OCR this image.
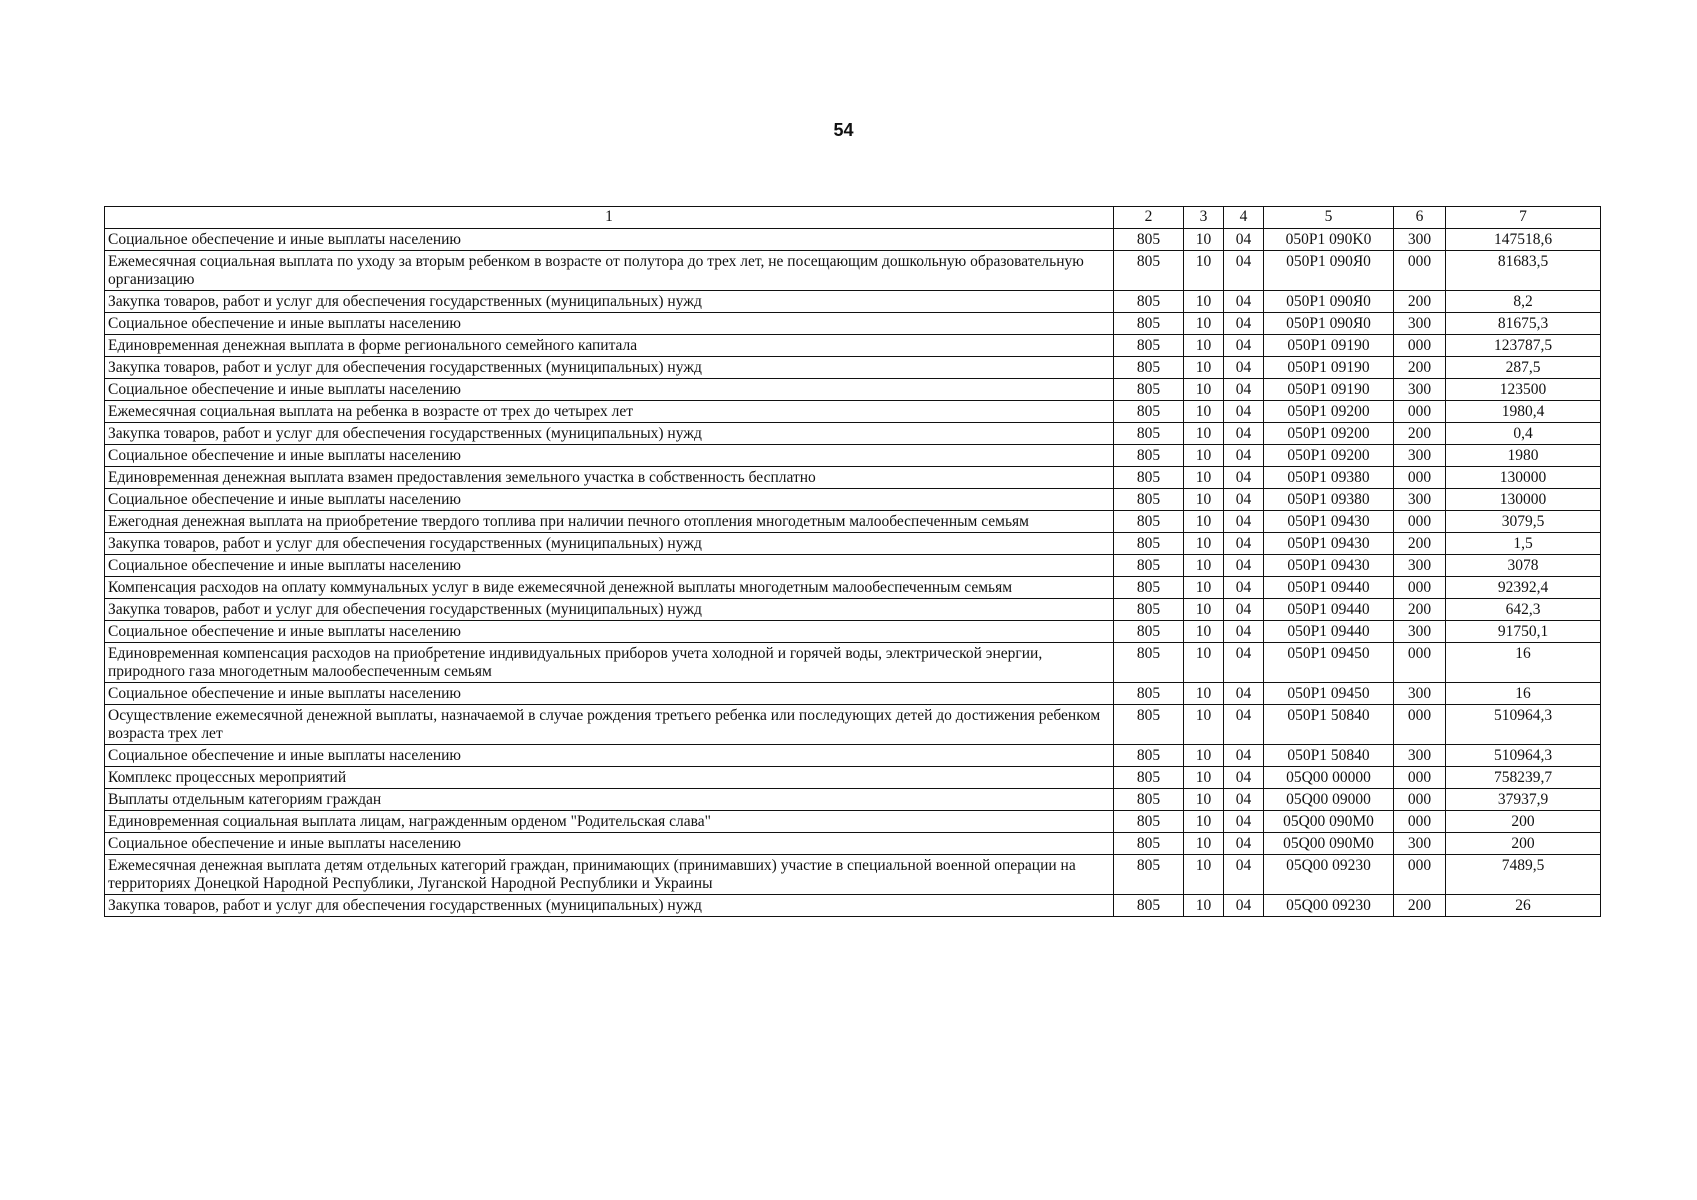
54
1	2	3	4	5	6	7
Социальное обеспечение и иные выплаты населению	805	10	04	050P1 090K0	300	147518,6
Ежемесячная социальная выплата по уходу за вторым ребенком в возрасте от полутора до трех лет, не посещающим дошкольную образовательную организацию	805	10	04	050P1 090Я0	000	81683,5
Закупка товаров, работ и услуг для обеспечения государственных (муниципальных) нужд	805	10	04	050P1 090Я0	200	8,2
Социальное обеспечение и иные выплаты населению	805	10	04	050P1 090Я0	300	81675,3
Единовременная денежная выплата в форме регионального семейного капитала	805	10	04	050P1 09190	000	123787,5
Закупка товаров, работ и услуг для обеспечения государственных (муниципальных) нужд	805	10	04	050P1 09190	200	287,5
Социальное обеспечение и иные выплаты населению	805	10	04	050P1 09190	300	123500
Ежемесячная социальная выплата на ребенка в возрасте от трех до четырех лет	805	10	04	050P1 09200	000	1980,4
Закупка товаров, работ и услуг для обеспечения государственных (муниципальных) нужд	805	10	04	050P1 09200	200	0,4
Социальное обеспечение и иные выплаты населению	805	10	04	050P1 09200	300	1980
Единовременная денежная выплата взамен предоставления земельного участка в собственность бесплатно	805	10	04	050P1 09380	000	130000
Социальное обеспечение и иные выплаты населению	805	10	04	050P1 09380	300	130000
Ежегодная денежная выплата на приобретение твердого топлива при наличии печного отопления многодетным малообеспеченным семьям	805	10	04	050P1 09430	000	3079,5
Закупка товаров, работ и услуг для обеспечения государственных (муниципальных) нужд	805	10	04	050P1 09430	200	1,5
Социальное обеспечение и иные выплаты населению	805	10	04	050P1 09430	300	3078
Компенсация расходов на оплату коммунальных услуг в виде ежемесячной денежной выплаты многодетным малообеспеченным семьям	805	10	04	050P1 09440	000	92392,4
Закупка товаров, работ и услуг для обеспечения государственных (муниципальных) нужд	805	10	04	050P1 09440	200	642,3
Социальное обеспечение и иные выплаты населению	805	10	04	050P1 09440	300	91750,1
Единовременная компенсация расходов на приобретение индивидуальных приборов учета холодной и горячей воды, электрической энергии, природного газа многодетным малообеспеченным семьям	805	10	04	050P1 09450	000	16
Социальное обеспечение и иные выплаты населению	805	10	04	050P1 09450	300	16
Осуществление ежемесячной денежной выплаты, назначаемой в случае рождения третьего ребенка или последующих детей до достижения ребенком возраста трех лет	805	10	04	050P1 50840	000	510964,3
Социальное обеспечение и иные выплаты населению	805	10	04	050P1 50840	300	510964,3
Комплекс процессных мероприятий	805	10	04	05Q00 00000	000	758239,7
Выплаты отдельным категориям граждан	805	10	04	05Q00 09000	000	37937,9
Единовременная социальная выплата лицам, награжденным орденом "Родительская слава"	805	10	04	05Q00 090M0	000	200
Социальное обеспечение и иные выплаты населению	805	10	04	05Q00 090M0	300	200
Ежемесячная денежная выплата детям отдельных категорий граждан, принимающих (принимавших) участие в специальной военной операции на территориях Донецкой Народной Республики, Луганской Народной Республики и Украины	805	10	04	05Q00 09230	000	7489,5
Закупка товаров, работ и услуг для обеспечения государственных (муниципальных) нужд	805	10	04	05Q00 09230	200	26
